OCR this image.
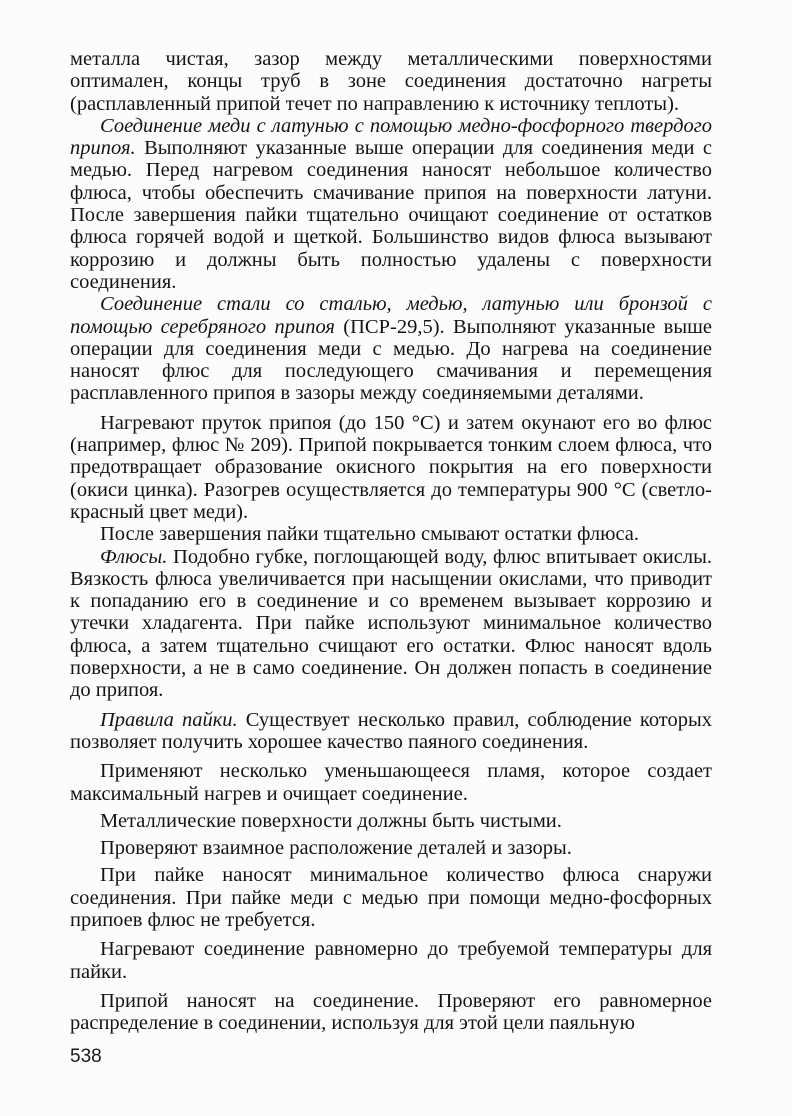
металла чистая, зазор между металлическими поверхностями оптимален, концы труб в зоне соединения достаточно нагреты (расплавленный припой течет по направлению к источнику теплоты).

Соединение меди с латунью с помощью медно-фосфорного твердого припоя. Выполняют указанные выше операции для соединения меди с медью. Перед нагревом соединения наносят небольшое количество флюса, чтобы обеспечить смачивание припоя на поверхности латуни. После завершения пайки тщательно очищают соединение от остатков флюса горячей водой и щеткой. Большинство видов флюса вызывают коррозию и должны быть полностью удалены с поверхности соединения.

Соединение стали со сталью, медью, латунью или бронзой с помощью серебряного припоя (ПСР-29,5). Выполняют указанные выше операции для соединения меди с медью. До нагрева на соединение наносят флюс для последующего смачивания и перемещения расплавленного припоя в зазоры между соединяемыми деталями.

Нагревают пруток припоя (до 150 °С) и затем окунают его во флюс (например, флюс № 209). Припой покрывается тонким слоем флюса, что предотвращает образование окисного покрытия на его поверхности (окиси цинка). Разогрев осуществляется до температуры 900 °С (светло-красный цвет меди).

После завершения пайки тщательно смывают остатки флюса.

Флюсы. Подобно губке, поглощающей воду, флюс впитывает окислы. Вязкость флюса увеличивается при насыщении окислами, что приводит к попаданию его в соединение и со временем вызывает коррозию и утечки хладагента. При пайке используют минимальное количество флюса, а затем тщательно счищают его остатки. Флюс наносят вдоль поверхности, а не в само соединение. Он должен попасть в соединение до припоя.

Правила пайки. Существует несколько правил, соблюдение которых позволяет получить хорошее качество паяного соединения.

Применяют несколько уменьшающееся пламя, которое создает максимальный нагрев и очищает соединение.

Металлические поверхности должны быть чистыми.

Проверяют взаимное расположение деталей и зазоры.

При пайке наносят минимальное количество флюса снаружи соединения. При пайке меди с медью при помощи медно-фосфорных припоев флюс не требуется.

Нагревают соединение равномерно до требуемой температуры для пайки.

Припой наносят на соединение. Проверяют его равномерное распределение в соединении, используя для этой цели паяльную

538
